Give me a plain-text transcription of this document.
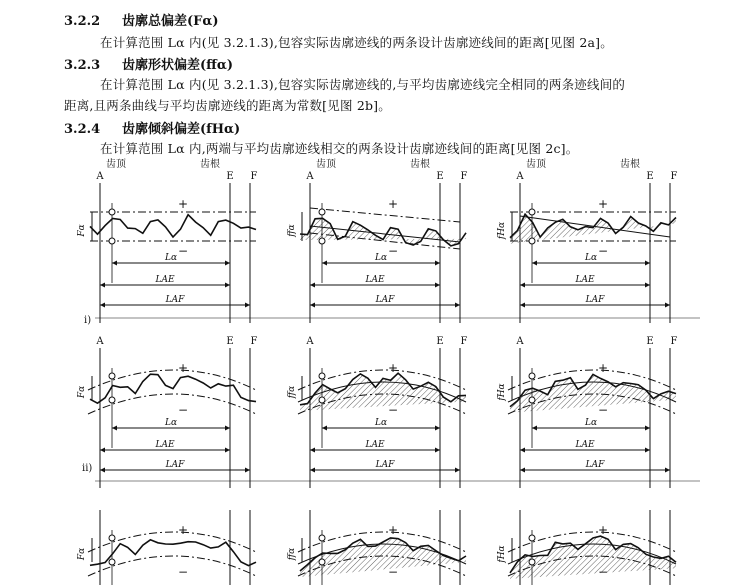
3.2.2 齿廓总偏差(Fα)
在计算范围 Lα 内(见 3.2.1.3),包容实际齿廓迹线的两条设计齿廓迹线间的距离[见图 2a]。
3.2.3 齿廓形状偏差(ffα)
在计算范围 Lα 内(见 3.2.1.3),包容实际齿廓迹线的,与平均齿廓迹线完全相同的两条迹线间的
距离,且两条曲线与平均齿廓迹线的距离为常数[见图 2b]。
3.2.4 齿廓倾斜偏差(fHα)
在计算范围 Lα 内,两端与平均齿廓迹线相交的两条设计齿廓迹线间的距离[见图 2c]。
A	E F
齿顶	齿根
+
−
Fα
Lα
LAE
LAF
A	E F
齿顶	齿根
+
−
ffα
Lα
LAE
LAF
A	E F
齿顶	齿根
+
−
fHα
Lα
LAE
LAF
A	E F
+
−
Fα
Lα
LAE
LAF
A	E F
+
−
ffα
Lα
LAE
LAF
A	E F
+
−
fHα
Lα
LAE
LAF
+
−
Fα
+
−
ffα
+
−
fHα
i)
ii)
